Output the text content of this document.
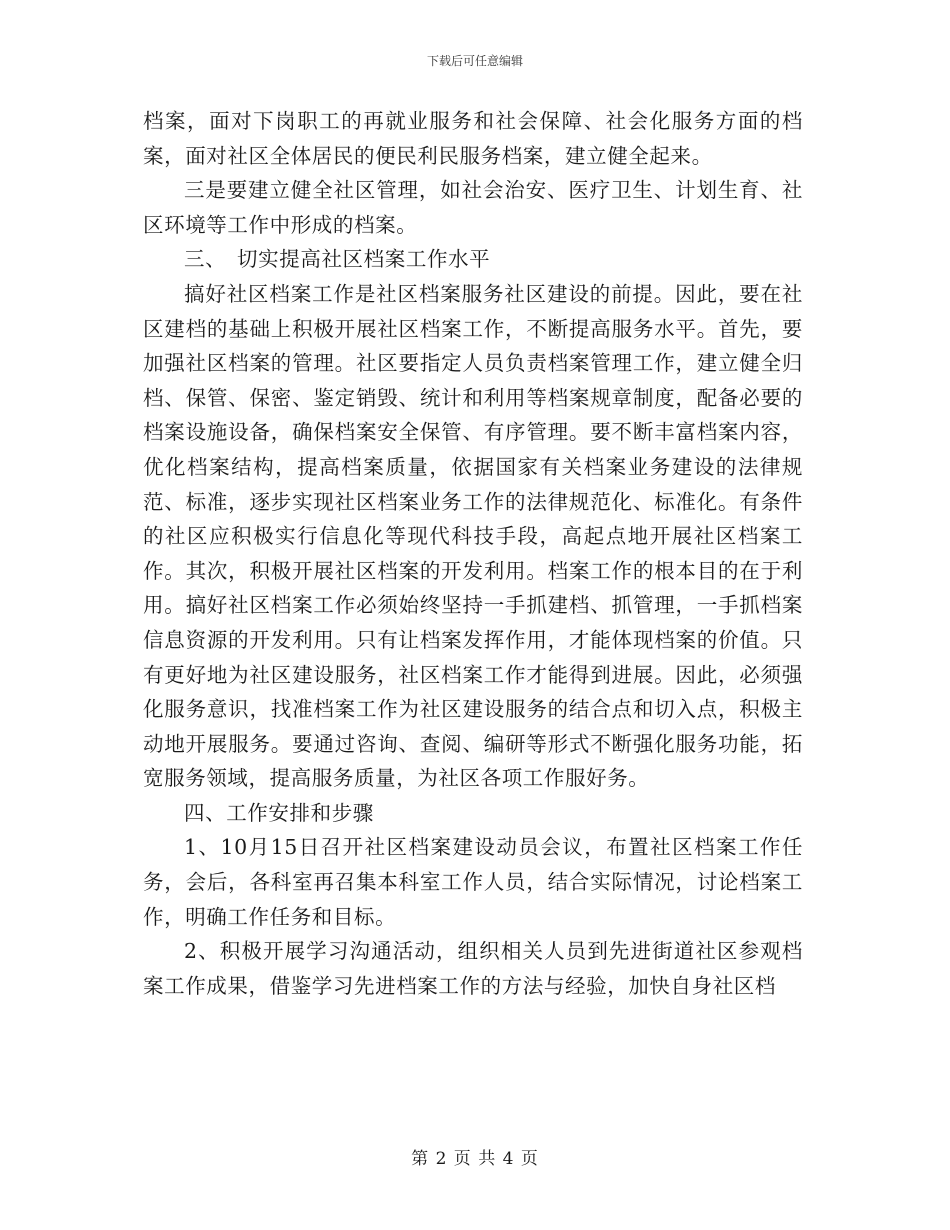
下载后可任意编辑

档案，面对下岗职工的再就业服务和社会保障、社会化服务方面的档案，面对社区全体居民的便民利民服务档案，建立健全起来。

三是要建立健全社区管理，如社会治安、医疗卫生、计划生育、社区环境等工作中形成的档案。

三、　切实提高社区档案工作水平

搞好社区档案工作是社区档案服务社区建设的前提。因此，要在社区建档的基础上积极开展社区档案工作，不断提高服务水平。首先，要加强社区档案的管理。社区要指定人员负责档案管理工作，建立健全归档、保管、保密、鉴定销毁、统计和利用等档案规章制度，配备必要的档案设施设备，确保档案安全保管、有序管理。要不断丰富档案内容，优化档案结构，提高档案质量，依据国家有关档案业务建设的法律规范、标准，逐步实现社区档案业务工作的法律规范化、标准化。有条件的社区应积极实行信息化等现代科技手段，高起点地开展社区档案工作。其次，积极开展社区档案的开发利用。档案工作的根本目的在于利用。搞好社区档案工作必须始终坚持一手抓建档、抓管理，一手抓档案信息资源的开发利用。只有让档案发挥作用，才能体现档案的价值。只有更好地为社区建设服务，社区档案工作才能得到进展。因此，必须强化服务意识，找准档案工作为社区建设服务的结合点和切入点，积极主动地开展服务。要通过咨询、查阅、编研等形式不断强化服务功能，拓宽服务领域，提高服务质量，为社区各项工作服好务。

四、工作安排和步骤

1、10月15日召开社区档案建设动员会议，布置社区档案工作任务，会后，各科室再召集本科室工作人员，结合实际情况，讨论档案工作，明确工作任务和目标。

2、积极开展学习沟通活动，组织相关人员到先进街道社区参观档案工作成果，借鉴学习先进档案工作的方法与经验，加快自身社区档

第 2 页 共 4 页
